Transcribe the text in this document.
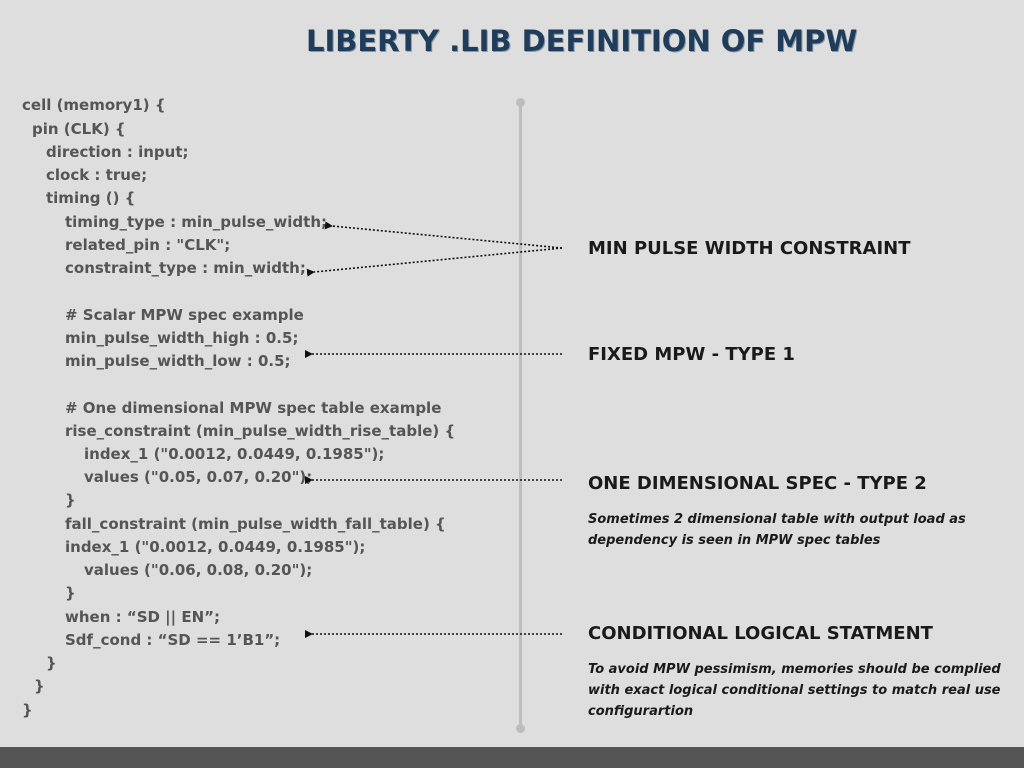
LIBERTY .LIB DEFINITION OF MPW
cell (memory1) {
pin (CLK) {
direction : input;
clock : true;
timing () {
timing_type : min_pulse_width;
related_pin : "CLK";
constraint_type : min_width;
# Scalar MPW spec example
min_pulse_width_high : 0.5;
min_pulse_width_low : 0.5;
# One dimensional MPW spec table example
rise_constraint (min_pulse_width_rise_table) {
index_1 ("0.0012, 0.0449, 0.1985");
values ("0.05, 0.07, 0.20");
}
fall_constraint (min_pulse_width_fall_table) {
index_1 ("0.0012, 0.0449, 0.1985");
values ("0.06, 0.08, 0.20");
}
when : “SD || EN”;
Sdf_cond : “SD == 1’B1”;
}
}
}
MIN PULSE WIDTH CONSTRAINT
FIXED MPW - TYPE 1
ONE DIMENSIONAL SPEC - TYPE 2
Sometimes 2 dimensional table with output load as dependency is seen in MPW spec tables
CONDITIONAL LOGICAL STATMENT
To avoid MPW pessimism, memories should be complied with exact logical conditional settings to match real use configurartion
